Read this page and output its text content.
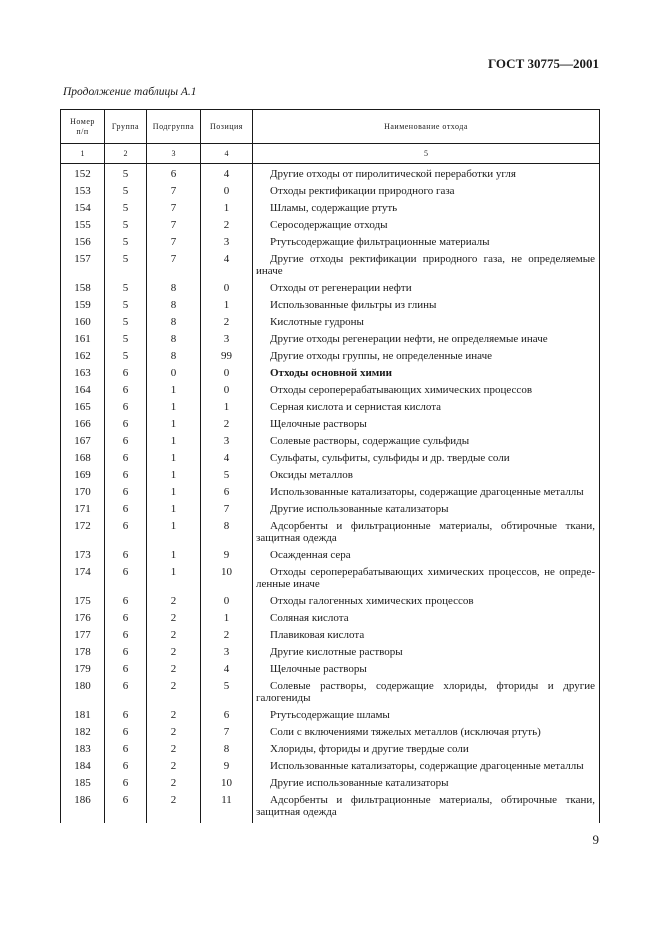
ГОСТ 30775—2001
Продолжение таблицы А.1
Номер
п/п	Группа	Подгруппа	Позиция	Наименование отхода
1	2	3	4	5
152	5	6	4	Другие отходы от пиролитической переработки угля
153	5	7	0	Отходы ректификации природного газа
154	5	7	1	Шламы, содержащие ртуть
155	5	7	2	Серосодержащие отходы
156	5	7	3	Ртутьсодержащие фильтрационные материалы
157	5	7	4	Другие отходы ректификации природного газа, не определяемые иначе
158	5	8	0	Отходы от регенерации нефти
159	5	8	1	Использованные фильтры из глины
160	5	8	2	Кислотные гудроны
161	5	8	3	Другие отходы регенерации нефти, не определяемые иначе
162	5	8	99	Другие отходы группы, не определенные иначе
163	6	0	0	Отходы основной химии
164	6	1	0	Отходы сероперерабатывающих химических процессов
165	6	1	1	Серная кислота и сернистая кислота
166	6	1	2	Щелочные растворы
167	6	1	3	Солевые растворы, содержащие сульфиды
168	6	1	4	Сульфаты, сульфиты, сульфиды и др. твердые соли
169	6	1	5	Оксиды металлов
170	6	1	6	Использованные катализаторы, содержащие драгоценные металлы
171	6	1	7	Другие использованные катализаторы
172	6	1	8	Адсорбенты и фильтрационные материалы, обтирочные ткани, защитная одежда
173	6	1	9	Осажденная сера
174	6	1	10	Отходы сероперерабатывающих химических процессов, не опреде-ленные иначе
175	6	2	0	Отходы галогенных химических процессов
176	6	2	1	Соляная кислота
177	6	2	2	Плавиковая кислота
178	6	2	3	Другие кислотные растворы
179	6	2	4	Щелочные растворы
180	6	2	5	Солевые растворы, содержащие хлориды, фториды и другие галогениды
181	6	2	6	Ртутьсодержащие шламы
182	6	2	7	Соли с включениями тяжелых металлов (исключая ртуть)
183	6	2	8	Хлориды, фториды и другие твердые соли
184	6	2	9	Использованные катализаторы, содержащие драгоценные металлы
185	6	2	10	Другие использованные катализаторы
186	6	2	11	Адсорбенты и фильтрационные материалы, обтирочные ткани, защитная одежда
9
